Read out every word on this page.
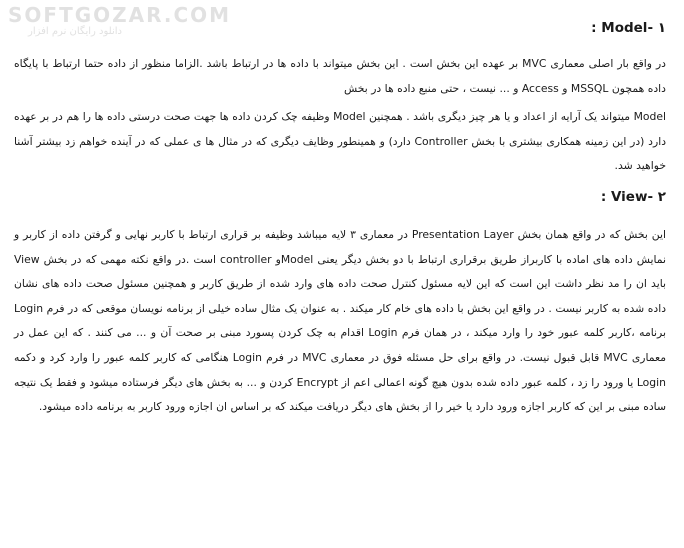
SOFTGOZAR.COM
دانلود رایگان نرم افزار	۱ -Model :

در واقع بار اصلی معماری MVC بر عهده این بخش است . این بخش میتواند با داده ها در ارتباط باشد .الزاما منظور از داده حتما ارتباط با پایگاه داده همچون MSSQL و Access و ... نیست ، حتی منبع داده ها در بخش

Model میتواند یک آرایه از اعداد و یا هر چیز دیگری باشد . همچنین Model وظیفه چک کردن داده ها جهت صحت درستی داده ها را هم در بر عهده دارد (در این زمینه همکاری بیشتری با بخش Controller دارد) و همینطور وظایف دیگری که در مثال ها ی عملی که در آینده خواهم زد بیشتر آشنا خواهید شد.

۲ -View :

این بخش که در واقع همان بخش Presentation Layer در معماری ۳ لایه میباشد وظیفه بر قراری ارتباط با کاربر نهایی و گرفتن داده از کاربر و نمایش داده های اماده با کاربراز طریق برقراری ارتباط با دو بخش دیگر یعنی Modelو controller است .در واقع نکته مهمی که در بخش View باید ان را مد نظر داشت این است که این لایه مسئول کنترل صحت داده های وارد شده از طریق کاربر و همچنین مسئول صحت داده های نشان داده شده به کاربر نیست . در واقع این بخش با داده های خام کار میکند . به عنوان یک مثال ساده خیلی از برنامه نویسان موقعی که در فرم Login برنامه ،کاربر کلمه عبور خود را وارد میکند ، در همان فرم Login اقدام به چک کردن پسورد مبنی بر صحت آن و ... می کنند . که این عمل در معماری MVC قابل قبول نیست. در واقع برای حل مسئله فوق در معماری MVC در فرم Login هنگامی که کاربر کلمه عبور را وارد کرد و دکمه Login یا ورود را زد ، کلمه عبور داده شده بدون هیچ گونه اعمالی اعم از Encrypt کردن و ... به بخش های دیگر فرستاده میشود و فقط یک نتیجه ساده مبنی بر این که کاربر اجازه ورود دارد یا خیر را از بخش های دیگر دریافت میکند که بر اساس ان اجازه ورود کاربر به برنامه داده میشود.
